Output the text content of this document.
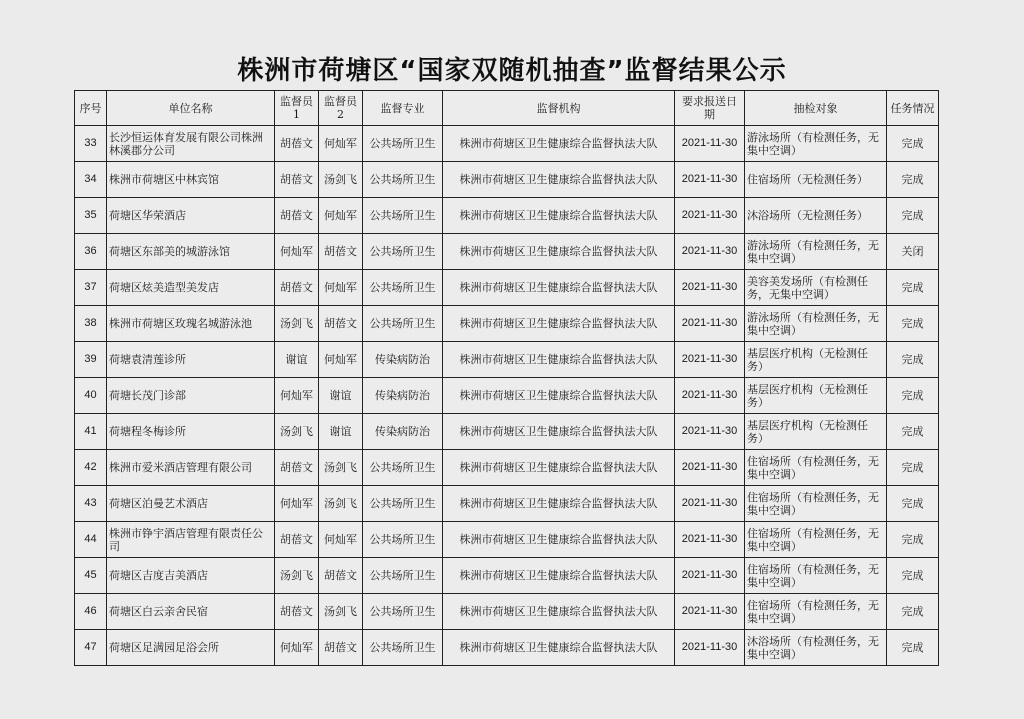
株洲市荷塘区“国家双随机抽查”监督结果公示
序号	单位名称	监督员1	监督员2	监督专业	监督机构	要求报送日期	抽检对象	任务情况
33	长沙恒运体育发展有限公司株洲林溪郡分公司	胡蓓文	何灿军	公共场所卫生	株洲市荷塘区卫生健康综合监督执法大队	2021-11-30	游泳场所（有检测任务，无集中空调）	完成
34	株洲市荷塘区中林宾馆	胡蓓文	汤剑飞	公共场所卫生	株洲市荷塘区卫生健康综合监督执法大队	2021-11-30	住宿场所（无检测任务）	完成
35	荷塘区华荣酒店	胡蓓文	何灿军	公共场所卫生	株洲市荷塘区卫生健康综合监督执法大队	2021-11-30	沐浴场所（无检测任务）	完成
36	荷塘区东部美的城游泳馆	何灿军	胡蓓文	公共场所卫生	株洲市荷塘区卫生健康综合监督执法大队	2021-11-30	游泳场所（有检测任务，无集中空调）	关闭
37	荷塘区炫美造型美发店	胡蓓文	何灿军	公共场所卫生	株洲市荷塘区卫生健康综合监督执法大队	2021-11-30	美容美发场所（有检测任务，无集中空调）	完成
38	株洲市荷塘区玫瑰名城游泳池	汤剑飞	胡蓓文	公共场所卫生	株洲市荷塘区卫生健康综合监督执法大队	2021-11-30	游泳场所（有检测任务，无集中空调）	完成
39	荷塘袁清莲诊所	谢谊	何灿军	传染病防治	株洲市荷塘区卫生健康综合监督执法大队	2021-11-30	基层医疗机构（无检测任务）	完成
40	荷塘长茂门诊部	何灿军	谢谊	传染病防治	株洲市荷塘区卫生健康综合监督执法大队	2021-11-30	基层医疗机构（无检测任务）	完成
41	荷塘程冬梅诊所	汤剑飞	谢谊	传染病防治	株洲市荷塘区卫生健康综合监督执法大队	2021-11-30	基层医疗机构（无检测任务）	完成
42	株洲市爱米酒店管理有限公司	胡蓓文	汤剑飞	公共场所卫生	株洲市荷塘区卫生健康综合监督执法大队	2021-11-30	住宿场所（有检测任务，无集中空调）	完成
43	荷塘区泊曼艺术酒店	何灿军	汤剑飞	公共场所卫生	株洲市荷塘区卫生健康综合监督执法大队	2021-11-30	住宿场所（有检测任务，无集中空调）	完成
44	株洲市铮宇酒店管理有限责任公司	胡蓓文	何灿军	公共场所卫生	株洲市荷塘区卫生健康综合监督执法大队	2021-11-30	住宿场所（有检测任务，无集中空调）	完成
45	荷塘区吉度吉美酒店	汤剑飞	胡蓓文	公共场所卫生	株洲市荷塘区卫生健康综合监督执法大队	2021-11-30	住宿场所（有检测任务，无集中空调）	完成
46	荷塘区白云亲舍民宿	胡蓓文	汤剑飞	公共场所卫生	株洲市荷塘区卫生健康综合监督执法大队	2021-11-30	住宿场所（有检测任务，无集中空调）	完成
47	荷塘区足满园足浴会所	何灿军	胡蓓文	公共场所卫生	株洲市荷塘区卫生健康综合监督执法大队	2021-11-30	沐浴场所（有检测任务，无集中空调）	完成
